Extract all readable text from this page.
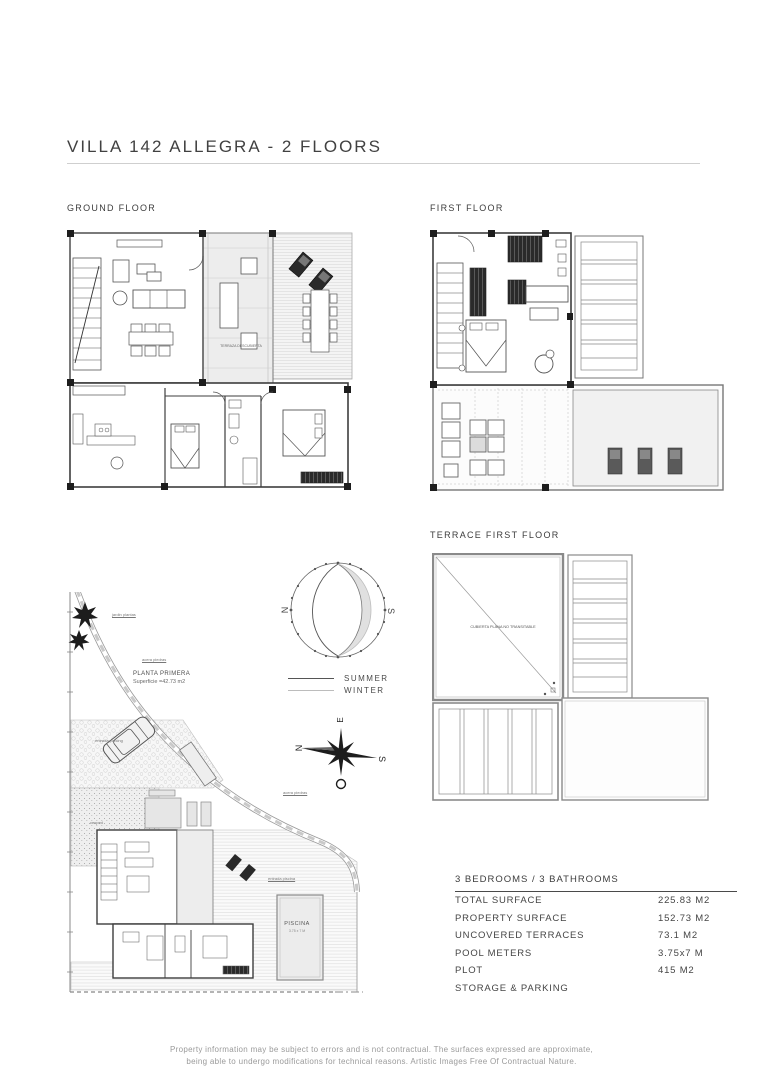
VILLA 142 ALLEGRA - 2 FLOORS
GROUND FLOOR	FIRST FLOOR
TERRACE FIRST FLOOR
TERRAZA DESCUBIERTA
CUBIERTA PLANA NO TRANSITABLE
N	S
SUMMER
WINTER
E
N
S
PLANTA PRIMERA
Superficie =42.73 m2
jardin plantas
acera piedras
acera piedras
entrada piscina
entrada parking
cesped
PISCINA
3.75 x 7 M
3 BEDROOMS / 3 BATHROOMS
TOTAL SURFACE	225.83 M2
PROPERTY SURFACE	152.73 M2
UNCOVERED TERRACES	73.1 M2
POOL METERS	3.75x7 M
PLOT	415 M2
STORAGE & PARKING
Property information may be subject to errors and is not contractual. The surfaces expressed are approximate,
being able to undergo modifications for technical reasons. Artistic Images Free Of Contractual Nature.
